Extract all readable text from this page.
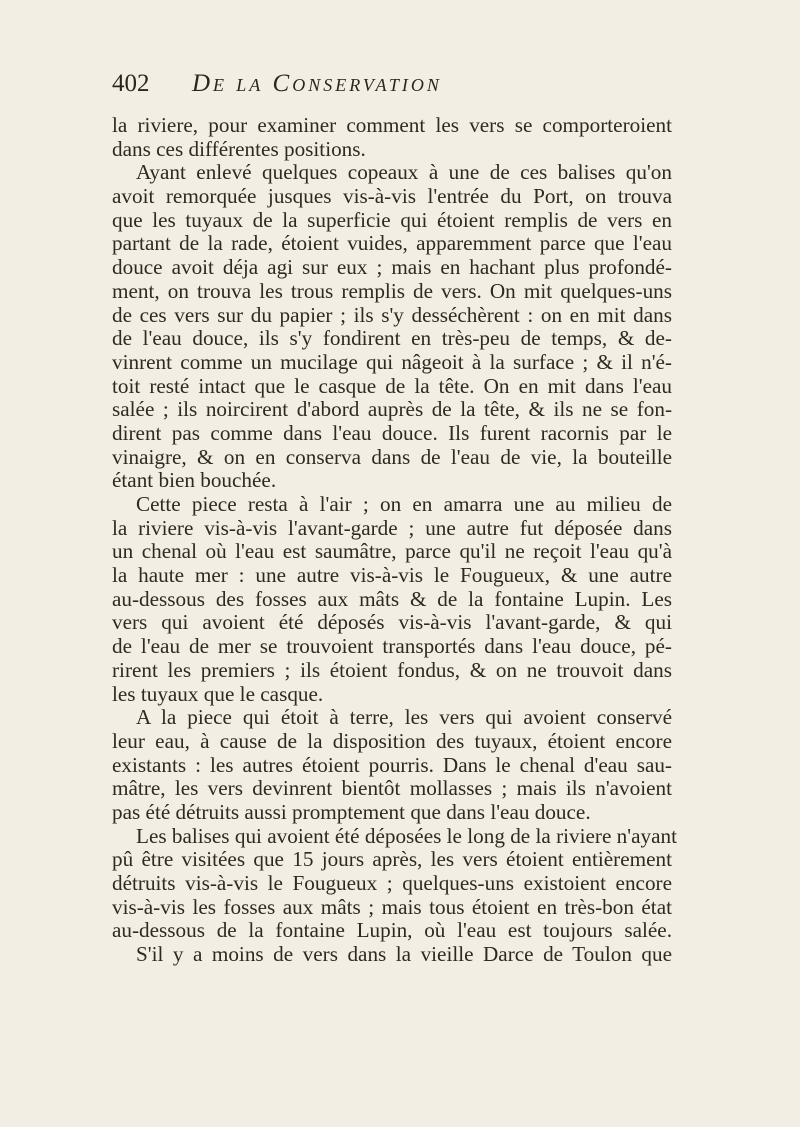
402	De la Conservation
la riviere, pour examiner comment les vers se comporteroient
dans ces différentes positions.
Ayant enlevé quelques copeaux à une de ces balises qu'on
avoit remorquée jusques vis-à-vis l'entrée du Port, on trouva
que les tuyaux de la superficie qui étoient remplis de vers en
partant de la rade, étoient vuides, apparemment parce que l'eau
douce avoit déja agi sur eux ; mais en hachant plus profondé-
ment, on trouva les trous remplis de vers. On mit quelques-uns
de ces vers sur du papier ; ils s'y desséchèrent : on en mit dans
de l'eau douce, ils s'y fondirent en très-peu de temps, & de-
vinrent comme un mucilage qui nâgeoit à la surface ; & il n'é-
toit resté intact que le casque de la tête. On en mit dans l'eau
salée ; ils noircirent d'abord auprès de la tête, & ils ne se fon-
dirent pas comme dans l'eau douce. Ils furent racornis par le
vinaigre, & on en conserva dans de l'eau de vie, la bouteille
étant bien bouchée.
Cette piece resta à l'air ; on en amarra une au milieu de
la riviere vis-à-vis l'avant-garde ; une autre fut déposée dans
un chenal où l'eau est saumâtre, parce qu'il ne reçoit l'eau qu'à
la haute mer : une autre vis-à-vis le Fougueux, & une autre
au-dessous des fosses aux mâts & de la fontaine Lupin. Les
vers qui avoient été déposés vis-à-vis l'avant-garde, & qui
de l'eau de mer se trouvoient transportés dans l'eau douce, pé-
rirent les premiers ; ils étoient fondus, & on ne trouvoit dans
les tuyaux que le casque.
A la piece qui étoit à terre, les vers qui avoient conservé
leur eau, à cause de la disposition des tuyaux, étoient encore
existants : les autres étoient pourris. Dans le chenal d'eau sau-
mâtre, les vers devinrent bientôt mollasses ; mais ils n'avoient
pas été détruits aussi promptement que dans l'eau douce.
Les balises qui avoient été déposées le long de la riviere n'ayant
pû être visitées que 15 jours après, les vers étoient entièrement
détruits vis-à-vis le Fougueux ; quelques-uns existoient encore
vis-à-vis les fosses aux mâts ; mais tous étoient en très-bon état
au-dessous de la fontaine Lupin, où l'eau est toujours salée.
S'il y a moins de vers dans la vieille Darce de Toulon que
